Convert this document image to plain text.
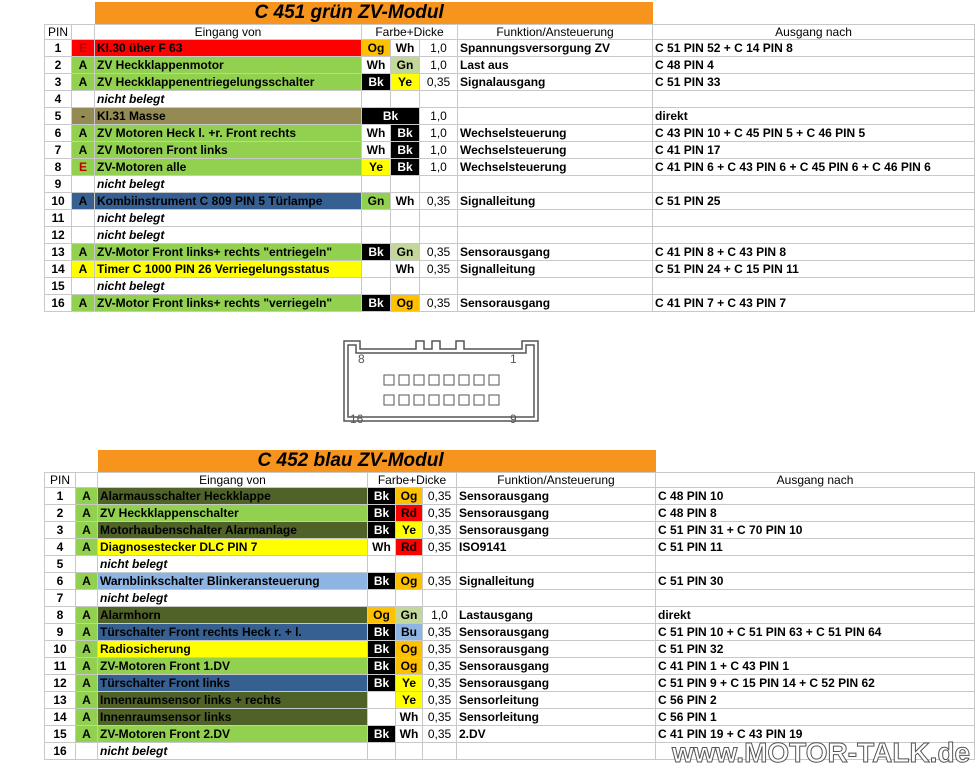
		C 451 grün ZV-Modul					
PIN		Eingang von	Farbe+Dicke			Funktion/Ansteuerung	Ausgang nach
1	E	Kl.30 über F 63	Og	Wh	1,0	Spannungsversorgung ZV	C 51 PIN 52 + C 14 PIN 8
2	A	ZV Heckklappenmotor	Wh	Gn	1,0	Last aus	C 48 PIN 4
3	A	ZV Heckklappenentriegelungsschalter	Bk	Ye	0,35	Signalausgang	C 51 PIN 33
4		nicht belegt					
5	-	Kl.31 Masse	Bk		1,0		direkt
6	A	ZV Motoren Heck l. +r. Front rechts	Wh	Bk	1,0	Wechselsteuerung	C 43 PIN 10 + C 45 PIN 5 + C 46 PIN 5
7	A	ZV Motoren Front links	Wh	Bk	1,0	Wechselsteuerung	C 41 PIN 17
8	E	ZV-Motoren alle	Ye	Bk	1,0	Wechselsteuerung	C 41 PIN 6 + C 43 PIN 6 + C 45 PIN 6 + C 46 PIN 6
9		nicht belegt					
10	A	Kombiinstrument C 809 PIN 5 Türlampe	Gn	Wh	0,35	Signalleitung	C 51 PIN 25
11		nicht belegt					
12		nicht belegt					
13	A	ZV-Motor Front links+ rechts "entriegeln"	Bk	Gn	0,35	Sensorausgang	C 41 PIN 8 + C 43 PIN 8
14	A	Timer C 1000 PIN 26 Verriegelungsstatus		Wh	0,35	Signalleitung	C 51 PIN 24 + C 15 PIN 11
15		nicht belegt					
16	A	ZV-Motor Front links+ rechts "verriegeln"	Bk	Og	0,35	Sensorausgang	C 41 PIN 7 + C 43 PIN 7
8	1
16	9
		C 452 blau ZV-Modul					
PIN		Eingang von	Farbe+Dicke			Funktion/Ansteuerung	Ausgang nach
1	A	Alarmausschalter Heckklappe	Bk	Og	0,35	Sensorausgang	C 48 PIN 10
2	A	ZV Heckklappenschalter	Bk	Rd	0,35	Sensorausgang	C 48 PIN 8
3	A	Motorhaubenschalter Alarmanlage	Bk	Ye	0,35	Sensorausgang	C 51 PIN 31 + C 70 PIN 10
4	A	Diagnosestecker DLC PIN 7	Wh	Rd	0,35	ISO9141	C 51 PIN 11
5		nicht belegt					
6	A	Warnblinkschalter Blinkeransteuerung	Bk	Og	0,35	Signalleitung	C 51 PIN 30
7		nicht belegt					
8	A	Alarmhorn	Og	Gn	1,0	Lastausgang	direkt
9	A	Türschalter Front rechts Heck r. + l.	Bk	Bu	0,35	Sensorausgang	C 51 PIN 10 + C 51 PIN 63 + C 51 PIN 64
10	A	Radiosicherung	Bk	Og	0,35	Sensorausgang	C 51 PIN 32
11	A	ZV-Motoren Front 1.DV	Bk	Og	0,35	Sensorausgang	C 41 PIN 1 + C 43 PIN 1
12	A	Türschalter Front links	Bk	Ye	0,35	Sensorausgang	C 51 PIN 9 + C 15 PIN 14 + C 52 PIN 62
13	A	Innenraumsensor links + rechts		Ye	0,35	Sensorleitung	C 56 PIN 2
14	A	Innenraumsensor links		Wh	0,35	Sensorleitung	C 56 PIN 1
15	A	ZV-Motoren Front 2.DV	Bk	Wh	0,35	2.DV	C 41 PIN 19 + C 43 PIN 19
16		nicht belegt						www.MOTOR-TALK.de
